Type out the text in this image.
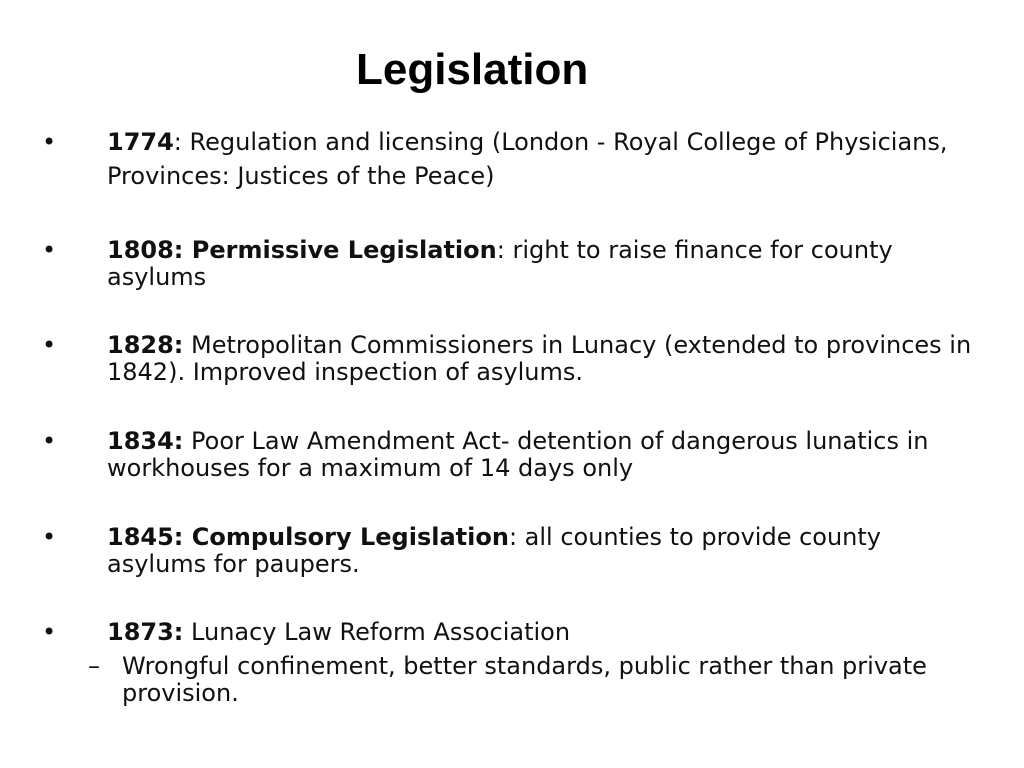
Legislation

• 1774: Regulation and licensing (London - Royal College of Physicians, Provinces: Justices of the Peace)

• 1808: Permissive Legislation: right to raise finance for county asylums

• 1828: Metropolitan Commissioners in Lunacy (extended to provinces in 1842). Improved inspection of asylums.

• 1834: Poor Law Amendment Act- detention of dangerous lunatics in workhouses for a maximum of 14 days only

• 1845: Compulsory Legislation: all counties to provide county asylums for paupers.

• 1873: Lunacy Law Reform Association

– Wrongful confinement, better standards, public rather than private provision.
